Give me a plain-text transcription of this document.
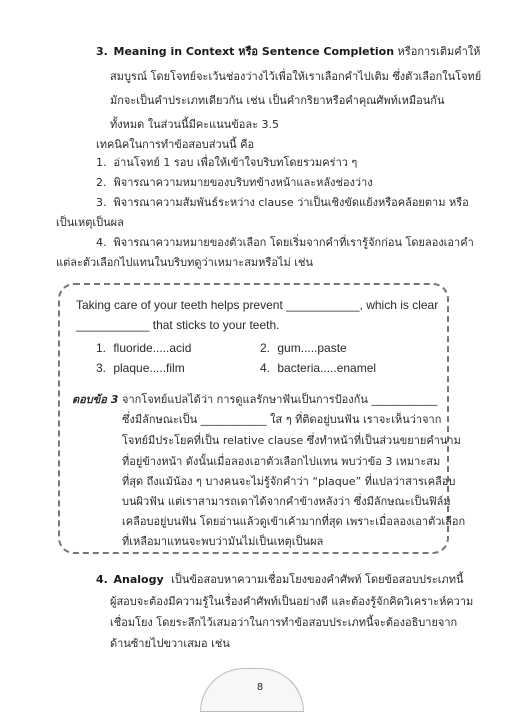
3. Meaning in Context หรือ Sentence Completion หรือการเติมคำให้
สมบูรณ์ โดยโจทย์จะเว้นช่องว่างไว้เพื่อให้เราเลือกคำไปเติม ซึ่งตัวเลือกในโจทย์
มักจะเป็นคำประเภทเดียวกัน เช่น เป็นคำกริยาหรือคำคุณศัพท์เหมือนกัน
ทั้งหมด ในส่วนนี้มีคะแนนข้อละ 3.5
เทคนิคในการทำข้อสอบส่วนนี้ คือ
1. อ่านโจทย์ 1 รอบ เพื่อให้เข้าใจบริบทโดยรวมคร่าว ๆ
2. พิจารณาความหมายของบริบทข้างหน้าและหลังช่องว่าง
3. พิจารณาความสัมพันธ์ระหว่าง clause ว่าเป็นเชิงขัดแย้งหรือคล้อยตาม หรือ
เป็นเหตุเป็นผล
4. พิจารณาความหมายของตัวเลือก โดยเริ่มจากคำที่เรารู้จักก่อน โดยลองเอาคำ
แต่ละตัวเลือกไปแทนในบริบทดูว่าเหมาะสมหรือไม่ เช่น
Taking care of your teeth helps prevent ___________, which is clear
___________ that sticks to your teeth.
1. fluoride.....acid	2. gum.....paste
3. plaque.....film	4. bacteria.....enamel
ตอบข้อ 3 จากโจทย์แปลได้ว่า การดูแลรักษาฟันเป็นการป้องกัน ____________
ซึ่งมีลักษณะเป็น ____________ ใส ๆ ที่ติดอยู่บนฟัน เราจะเห็นว่าจาก
โจทย์มีประโยคที่เป็น relative clause ซึ่งทำหน้าที่เป็นส่วนขยายคำนาม
ที่อยู่ข้างหน้า ดังนั้นเมื่อลองเอาตัวเลือกไปแทน พบว่าข้อ 3 เหมาะสม
ที่สุด ถึงแม้น้อง ๆ บางคนจะไม่รู้จักคำว่า “plaque” ที่แปลว่าสารเคลือบ
บนผิวฟัน แต่เราสามารถเดาได้จากคำข้างหลังว่า ซึ่งมีลักษณะเป็นฟิล์ม
เคลือบอยู่บนฟัน โดยอ่านแล้วดูเข้าเค้ามากที่สุด เพราะเมื่อลองเอาตัวเลือก
ที่เหลือมาแทนจะพบว่ามันไม่เป็นเหตุเป็นผล
4. Analogy เป็นข้อสอบหาความเชื่อมโยงของคำศัพท์ โดยข้อสอบประเภทนี้
ผู้สอบจะต้องมีความรู้ในเรื่องคำศัพท์เป็นอย่างดี และต้องรู้จักคิดวิเคราะห์ความ
เชื่อมโยง โดยระลึกไว้เสมอว่าในการทำข้อสอบประเภทนี้จะต้องอธิบายจาก
ด้านซ้ายไปขวาเสมอ เช่น
8
